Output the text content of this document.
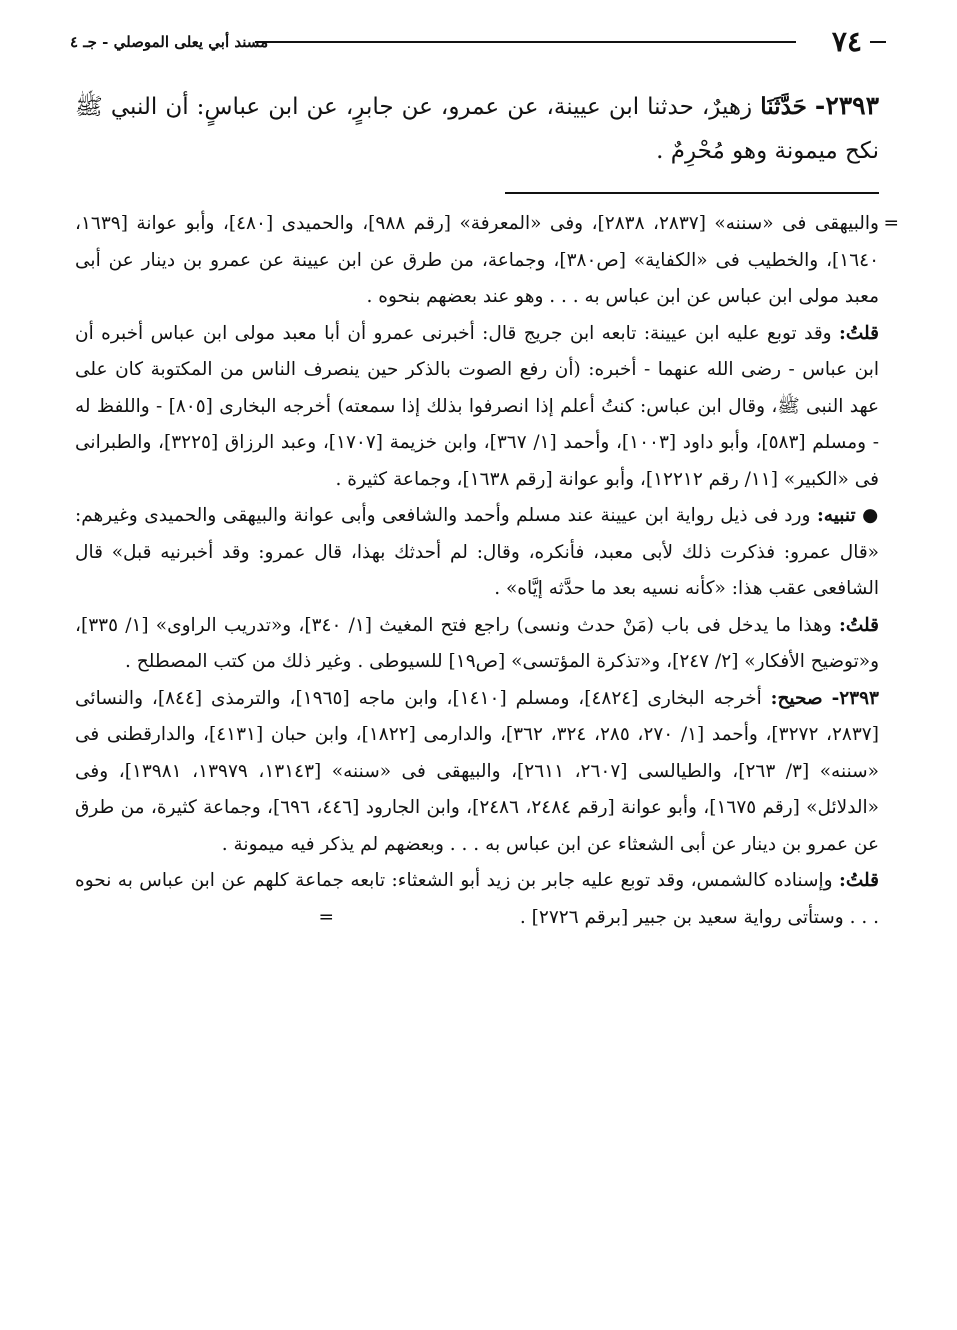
٧٤
مسند أبي يعلى الموصلي - جـ ٤
٢٣٩٣- حَدَّثَنَا زهيرٌ، حدثنا ابن عيينة، عن عمرو، عن جابرٍ، عن ابن عباسٍ: أن النبي ﷺ نكح ميمونة وهو مُحْرِمٌ .

=
والبيهقى فى «سننه» [٢٨٣٧، ٢٨٣٨]، وفى «المعرفة» [رقم ٩٨٨]، والحميدى [٤٨٠]، وأبو عوانة [١٦٣٩، ١٦٤٠]، والخطيب فى «الكفاية» [ص٣٨٠]، وجماعة، من طرق عن ابن عيينة عن عمرو بن دينار عن أبى معبد مولى ابن عباس عن ابن عباس به . . . وهو عند بعضهم بنحوه .

قلتُ: وقد توبع عليه ابن عيينة: تابعه ابن جريج قال: أخبرنى عمرو أن أبا معبد مولى ابن عباس أخبره أن ابن عباس - رضى الله عنهما - أخبره: (أن رفع الصوت بالذكر حين ينصرف الناس من المكتوبة كان على عهد النبى ﷺ، وقال ابن عباس: كنتُ أعلم إذا انصرفوا بذلك إذا سمعته) أخرجه البخارى [٨٠٥] - واللفظ له - ومسلم [٥٨٣]، وأبو داود [١٠٠٣]، وأحمد [١/ ٣٦٧]، وابن خزيمة [١٧٠٧]، وعبد الرزاق [٣٢٢٥]، والطبرانى فى «الكبير» [١١/ رقم ١٢٢١٢]، وأبو عوانة [رقم ١٦٣٨]، وجماعة كثيرة .

● تنبيه: ورد فى ذيل رواية ابن عيينة عند مسلم وأحمد والشافعى وأبى عوانة والبيهقى والحميدى وغيرهم: «قال عمرو: فذكرت ذلك لأبى معبد، فأنكره، وقال: لم أحدثك بهذا، قال عمرو: وقد أخبرنيه قبل» قال الشافعى عقب هذا: «كأنه نسيه بعد ما حدَّثه إيَّاه» .

قلتُ: وهذا ما يدخل فى باب (مَنْ حدث ونسى) راجع فتح المغيث [١/ ٣٤٠]، و«تدريب الراوى» [١/ ٣٣٥]، و«توضيح الأفكار» [٢/ ٢٤٧]، و«تذكرة المؤتسى» [ص١٩] للسيوطى . وغير ذلك من كتب المصطلح .

٢٣٩٣- صحيح: أخرجه البخارى [٤٨٢٤]، ومسلم [١٤١٠]، وابن ماجه [١٩٦٥]، والترمذى [٨٤٤]، والنسائى [٢٨٣٧، ٣٢٧٢]، وأحمد [١/ ٢٧٠، ٢٨٥، ٣٢٤، ٣٦٢]، والدارمى [١٨٢٢]، وابن حبان [٤١٣١]، والدارقطنى فى «سننه» [٣/ ٢٦٣]، والطيالسى [٢٦٠٧، ٢٦١١]، والبيهقى فى «سننه» [١٣١٤٣، ١٣٩٧٩، ١٣٩٨١]، وفى «الدلائل» [رقم ١٦٧٥]، وأبو عوانة [رقم ٢٤٨٤، ٢٤٨٦]، وابن الجارود [٤٤٦، ٦٩٦]، وجماعة كثيرة، من طرق عن عمرو بن دينار عن أبى الشعثاء عن ابن عباس به . . . وبعضهم لم يذكر فيه ميمونة .

قلتُ: وإسناده كالشمس، وقد توبع عليه جابر بن زيد أبو الشعثاء: تابعه جماعة كلهم عن ابن عباس به نحوه . . . وستأتى رواية سعيد بن جبير [برقم ٢٧٢٦] . =
